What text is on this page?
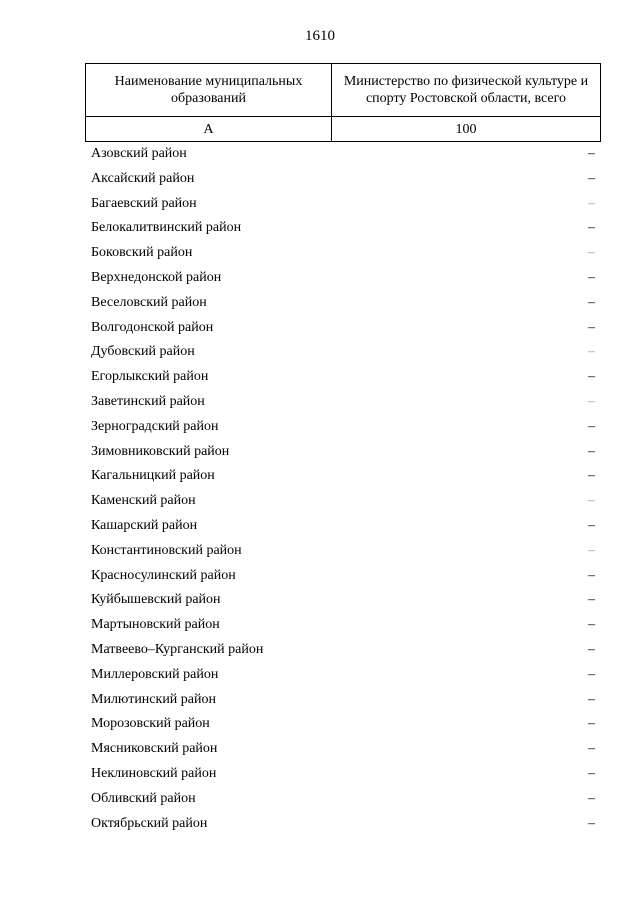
1610
Наименование муниципальных образований	Министерство по физической культуре и спорту Ростовской области, всего
А	100
Азовский район	–
Аксайский район	–
Багаевский район	–
Белокалитвинский район	–
Боковский район	–
Верхнедонской район	–
Веселовский район	–
Волгодонской район	–
Дубовский район	–
Егорлыкский район	–
Заветинский район	–
Зерноградский район	–
Зимовниковский район	–
Кагальницкий район	–
Каменский район	–
Кашарский район	–
Константиновский район	–
Красносулинский район	–
Куйбышевский район	–
Мартыновский район	–
Матвеево–Курганский район	–
Миллеровский район	–
Милютинский район	–
Морозовский район	–
Мясниковский район	–
Неклиновский район	–
Обливский район	–
Октябрьский район	–
